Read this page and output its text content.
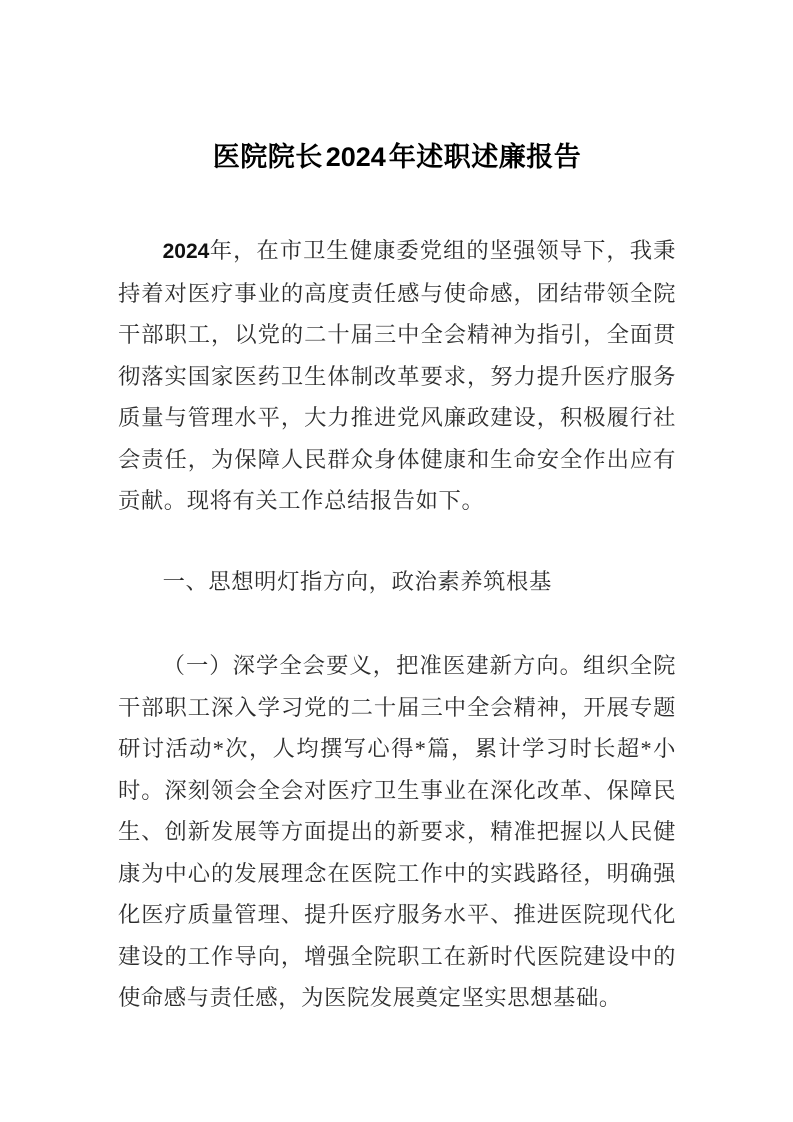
医院院长 2024 年述职述廉报告

2024年，在市卫生健康委党组的坚强领导下，我秉持着对医疗事业的高度责任感与使命感，团结带领全院干部职工，以党的二十届三中全会精神为指引，全面贯彻落实国家医药卫生体制改革要求，努力提升医疗服务质量与管理水平，大力推进党风廉政建设，积极履行社会责任，为保障人民群众身体健康和生命安全作出应有贡献。现将有关工作总结报告如下。

一、思想明灯指方向，政治素养筑根基

（一）深学全会要义，把准医建新方向。组织全院干部职工深入学习党的二十届三中全会精神，开展专题研讨活动*次，人均撰写心得*篇，累计学习时长超*小时。深刻领会全会对医疗卫生事业在深化改革、保障民生、创新发展等方面提出的新要求，精准把握以人民健康为中心的发展理念在医院工作中的实践路径，明确强化医疗质量管理、提升医疗服务水平、推进医院现代化建设的工作导向，增强全院职工在新时代医院建设中的使命感与责任感，为医院发展奠定坚实思想基础。
